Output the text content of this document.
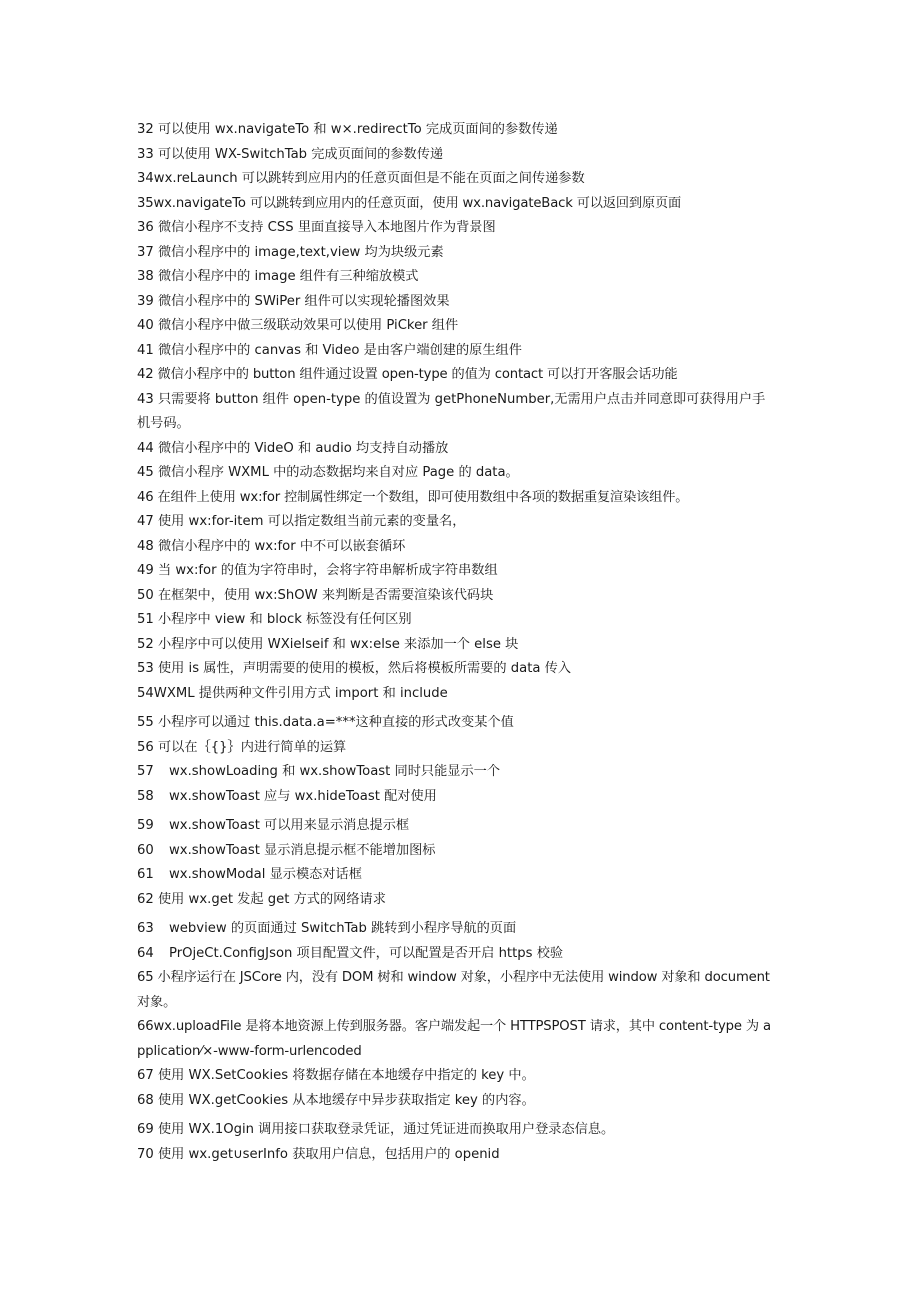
32 可以使用 wx.navigateTo 和 w×.redirectTo 完成页面间的参数传递

33 可以使用 WX-SwitchTab 完成页面间的参数传递

34wx.reLaunch 可以跳转到应用内的任意页面但是不能在页面之间传递参数

35wx.navigateTo 可以跳转到应用内的任意页面，使用 wx.navigateBack 可以返回到原页面

36 微信小程序不支持 CSS 里面直接导入本地图片作为背景图

37 微信小程序中的 image,text,view 均为块级元素

38 微信小程序中的 image 组件有三种缩放模式

39 微信小程序中的 SWiPer 组件可以实现轮播图效果

40 微信小程序中做三级联动效果可以使用 PiCker 组件

41 微信小程序中的 canvas 和 Video 是由客户端创建的原生组件

42 微信小程序中的 button 组件通过设置 open-type 的值为 contact 可以打开客服会话功能

43 只需要将 button 组件 open-type 的值设置为 getPhoneNumber,无需用户点击并同意即可获得用户手机号码。

44 微信小程序中的 VideO 和 audio 均支持自动播放

45 微信小程序 WXML 中的动态数据均来自对应 Page 的 data。

46 在组件上使用 wx:for 控制属性绑定一个数组，即可使用数组中各项的数据重复渲染该组件。

47 使用 wx:for-item 可以指定数组当前元素的变量名，

48 微信小程序中的 wx:for 中不可以嵌套循环

49 当 wx:for 的值为字符串时，会将字符串解析成字符串数组

50 在框架中，使用 wx:ShOW 来判断是否需要渲染该代码块

51 小程序中 view 和 block 标签没有任何区别

52 小程序中可以使用 WXielseif 和 wx:else 来添加一个 else 块

53 使用 is 属性，声明需要的使用的模板，然后将模板所需要的 data 传入

54WXML 提供两种文件引用方式 import 和 include

55 小程序可以通过 this.data.a=***这种直接的形式改变某个值

56 可以在｛{}｝内进行简单的运算

57 wx.showLoading 和 wx.showToast 同时只能显示一个

58 wx.showToast 应与 wx.hideToast 配对使用

59 wx.showToast 可以用来显示消息提示框

60 wx.showToast 显示消息提示框不能增加图标

61 wx.showModal 显示模态对话框

62 使用 wx.get 发起 get 方式的网络请求

63 webview 的页面通过 SwitchTab 跳转到小程序导航的页面

64 PrOjeCt.ConfigJson 项目配置文件，可以配置是否开启 https 校验

65 小程序运行在 JSCore 内，没有 DOM 树和 window 对象，小程序中无法使用 window 对象和 document 对象。

66wx.uploadFile 是将本地资源上传到服务器。客户端发起一个 HTTPSPOST 请求，其中 content-type 为 application⁄×-www-form-urlencoded

67 使用 WX.SetCookies 将数据存储在本地缓存中指定的 key 中。

68 使用 WX.getCookies 从本地缓存中异步获取指定 key 的内容。

69 使用 WX.1Ogin 调用接口获取登录凭证，通过凭证进而换取用户登录态信息。

70 使用 wx.get∪serInfo 获取用户信息，包括用户的 openid
